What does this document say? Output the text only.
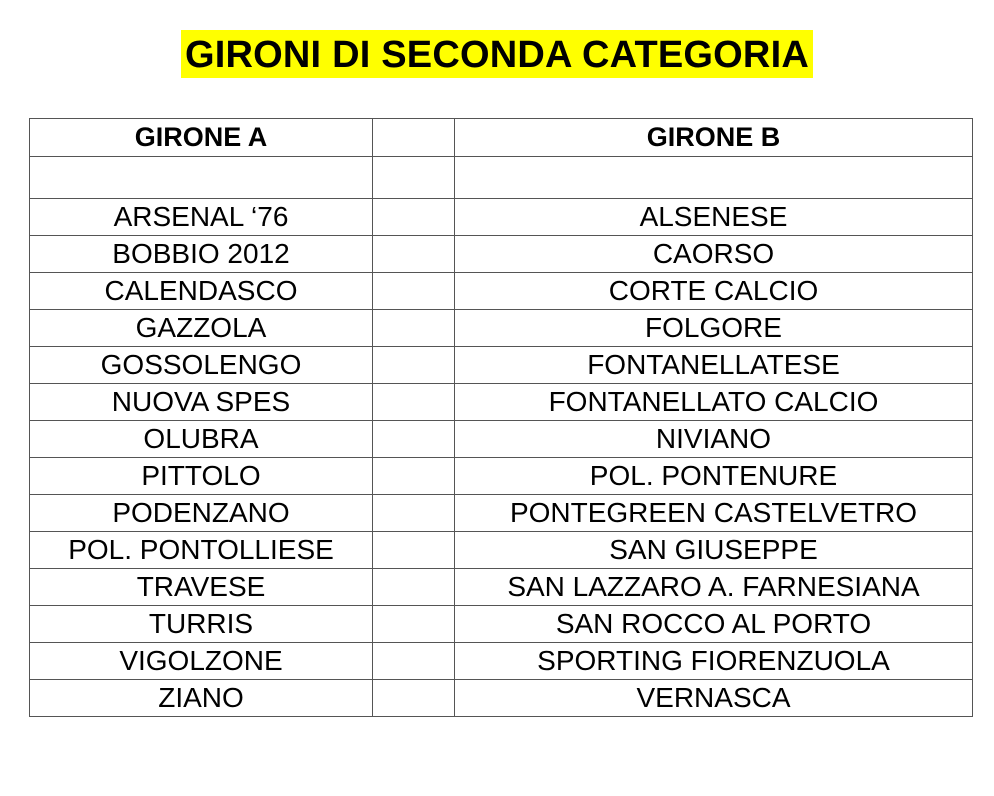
GIRONI DI SECONDA CATEGORIA
GIRONE A		GIRONE B

ARSENAL ‘76		ALSENESE
BOBBIO 2012		CAORSO
CALENDASCO		CORTE CALCIO
GAZZOLA		FOLGORE
GOSSOLENGO		FONTANELLATESE
NUOVA SPES		FONTANELLATO CALCIO
OLUBRA		NIVIANO
PITTOLO		POL. PONTENURE
PODENZANO		PONTEGREEN CASTELVETRO
POL. PONTOLLIESE		SAN GIUSEPPE
TRAVESE		SAN LAZZARO A. FARNESIANA
TURRIS		SAN ROCCO AL PORTO
VIGOLZONE		SPORTING FIORENZUOLA
ZIANO		VERNASCA
